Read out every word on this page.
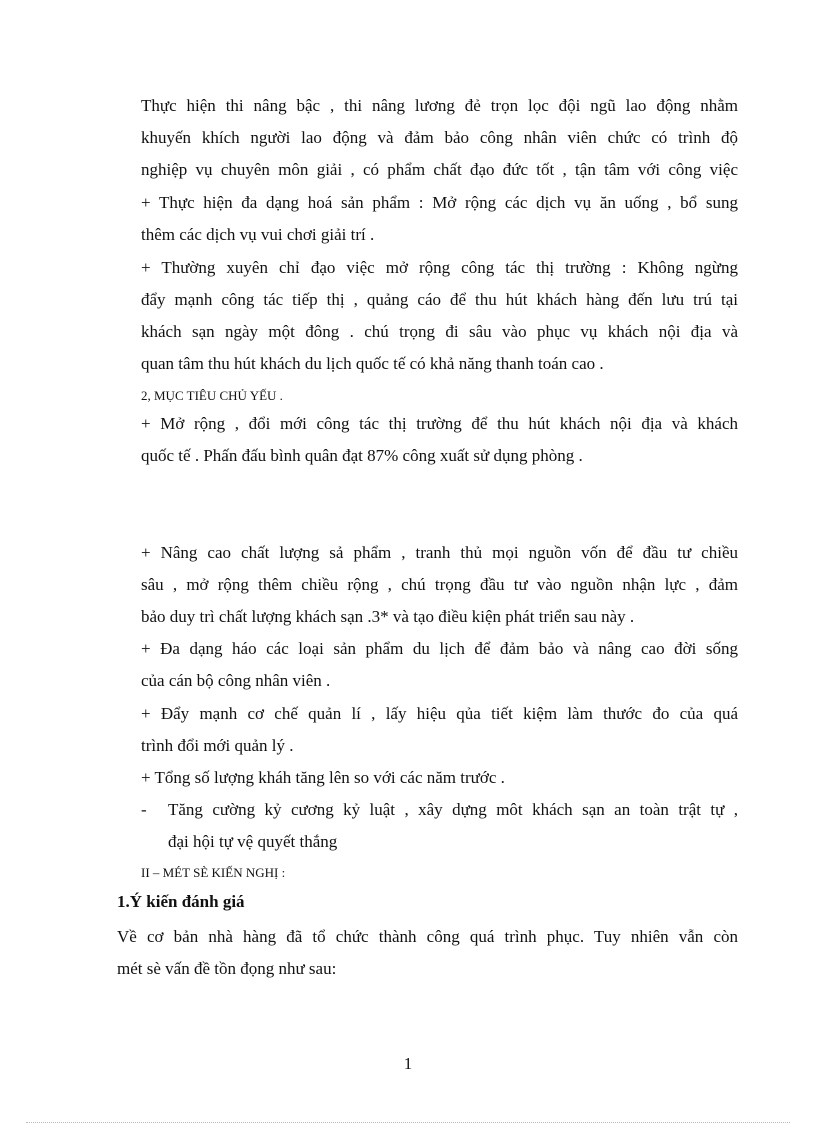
Thực hiện thi nâng bậc , thi nâng lương đẻ trọn lọc đội ngũ lao động nhằm
khuyến khích người lao động và đảm bảo công nhân viên chức có trình độ
nghiệp vụ chuyên môn giải , có phẩm chất đạo đức tốt , tận tâm với công việc
+ Thực hiện đa dạng hoá sản phẩm : Mở rộng các dịch vụ ăn uống , bổ sung
thêm các dịch vụ vui chơi giải trí .
+ Thường xuyên chỉ đạo việc mở rộng công tác thị trường : Không ngừng
đẩy mạnh công tác tiếp thị , quảng cáo để thu hút khách hàng đến lưu trú tại
khách sạn ngày một đông . chú trọng đi sâu vào phục vụ khách nội địa và
quan tâm thu hút khách du lịch quốc tế có khả năng thanh toán cao .
2, MỤC TIÊU CHỦ YẾU .
+ Mở rộng , đổi mới công tác thị trường để thu hút khách nội địa và khách
quốc tế . Phấn đấu bình quân đạt 87% công xuất sử dụng phòng .
+ Nâng cao chất lượng sả phẩm , tranh thủ mọi nguồn vốn để đầu tư chiều
sâu , mở rộng thêm chiều rộng , chú trọng đầu tư vào nguồn nhận lực , đảm
bảo duy trì chất lượng khách sạn .3* và tạo điều kiện phát triển sau này .
+ Đa dạng háo các loại sản phẩm du lịch để đảm bảo và nâng cao đời sống
của cán bộ công nhân viên .
+ Đẩy mạnh cơ chế quản lí , lấy hiệu qủa tiết kiệm làm thước đo của quá
trình đổi mới quản lý .
+ Tổng số lượng kháh tăng lên so với các năm trước .
- Tăng cường kỷ cương kỷ luật , xây dựng môt khách sạn an toàn trật tự ,
đại hội tự vệ quyết thắng
II – MÉT SÈ KIẾN NGHỊ :
1.Ý kiến đánh giá
Về cơ bản nhà hàng đã tổ chức thành công quá trình phục. Tuy nhiên vẫn còn
mét sè vấn đề tồn đọng như sau:
1
